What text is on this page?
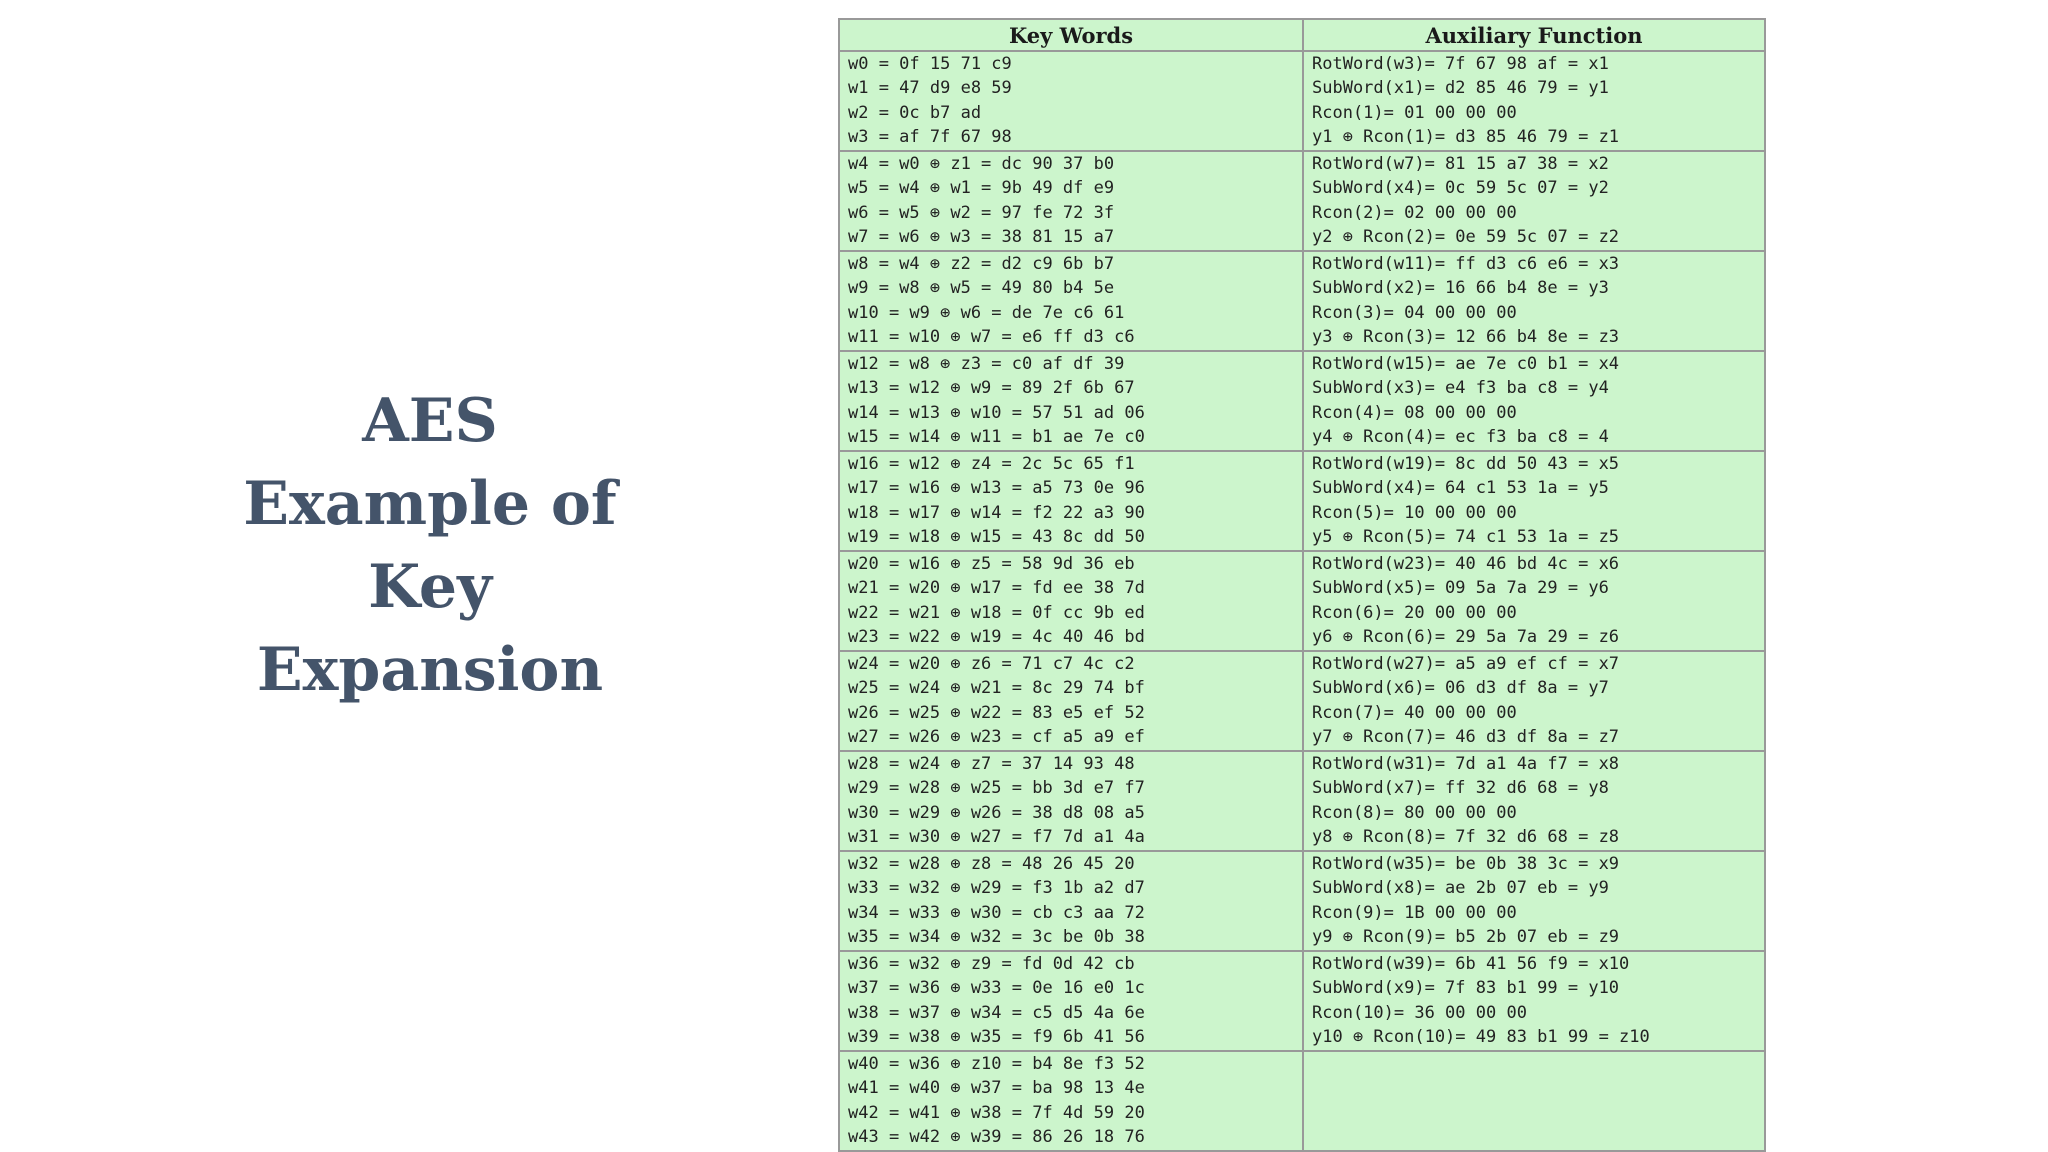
AES
Example of
Key
Expansion
Key Words	Auxiliary Function

w0 = 0f 15 71 c9
w1 = 47 d9 e8 59
w2 = 0c b7 ad
w3 = af 7f 67 98	RotWord(w3)= 7f 67 98 af = x1
SubWord(x1)= d2 85 46 79 = y1
Rcon(1)= 01 00 00 00
y1 ⊕ Rcon(1)= d3 85 46 79 = z1

w4 = w0 ⊕ z1 = dc 90 37 b0
w5 = w4 ⊕ w1 = 9b 49 df e9
w6 = w5 ⊕ w2 = 97 fe 72 3f
w7 = w6 ⊕ w3 = 38 81 15 a7	RotWord(w7)= 81 15 a7 38 = x2
SubWord(x4)= 0c 59 5c 07 = y2
Rcon(2)= 02 00 00 00
y2 ⊕ Rcon(2)= 0e 59 5c 07 = z2

w8 = w4 ⊕ z2 = d2 c9 6b b7
w9 = w8 ⊕ w5 = 49 80 b4 5e
w10 = w9 ⊕ w6 = de 7e c6 61
w11 = w10 ⊕ w7 = e6 ff d3 c6	RotWord(w11)= ff d3 c6 e6 = x3
SubWord(x2)= 16 66 b4 8e = y3
Rcon(3)= 04 00 00 00
y3 ⊕ Rcon(3)= 12 66 b4 8e = z3

w12 = w8 ⊕ z3 = c0 af df 39
w13 = w12 ⊕ w9 = 89 2f 6b 67
w14 = w13 ⊕ w10 = 57 51 ad 06
w15 = w14 ⊕ w11 = b1 ae 7e c0	RotWord(w15)= ae 7e c0 b1 = x4
SubWord(x3)= e4 f3 ba c8 = y4
Rcon(4)= 08 00 00 00
y4 ⊕ Rcon(4)= ec f3 ba c8 = 4

w16 = w12 ⊕ z4 = 2c 5c 65 f1
w17 = w16 ⊕ w13 = a5 73 0e 96
w18 = w17 ⊕ w14 = f2 22 a3 90
w19 = w18 ⊕ w15 = 43 8c dd 50	RotWord(w19)= 8c dd 50 43 = x5
SubWord(x4)= 64 c1 53 1a = y5
Rcon(5)= 10 00 00 00
y5 ⊕ Rcon(5)= 74 c1 53 1a = z5

w20 = w16 ⊕ z5 = 58 9d 36 eb
w21 = w20 ⊕ w17 = fd ee 38 7d
w22 = w21 ⊕ w18 = 0f cc 9b ed
w23 = w22 ⊕ w19 = 4c 40 46 bd	RotWord(w23)= 40 46 bd 4c = x6
SubWord(x5)= 09 5a 7a 29 = y6
Rcon(6)= 20 00 00 00
y6 ⊕ Rcon(6)= 29 5a 7a 29 = z6

w24 = w20 ⊕ z6 = 71 c7 4c c2
w25 = w24 ⊕ w21 = 8c 29 74 bf
w26 = w25 ⊕ w22 = 83 e5 ef 52
w27 = w26 ⊕ w23 = cf a5 a9 ef	RotWord(w27)= a5 a9 ef cf = x7
SubWord(x6)= 06 d3 df 8a = y7
Rcon(7)= 40 00 00 00
y7 ⊕ Rcon(7)= 46 d3 df 8a = z7

w28 = w24 ⊕ z7 = 37 14 93 48
w29 = w28 ⊕ w25 = bb 3d e7 f7
w30 = w29 ⊕ w26 = 38 d8 08 a5
w31 = w30 ⊕ w27 = f7 7d a1 4a	RotWord(w31)= 7d a1 4a f7 = x8
SubWord(x7)= ff 32 d6 68 = y8
Rcon(8)= 80 00 00 00
y8 ⊕ Rcon(8)= 7f 32 d6 68 = z8

w32 = w28 ⊕ z8 = 48 26 45 20
w33 = w32 ⊕ w29 = f3 1b a2 d7
w34 = w33 ⊕ w30 = cb c3 aa 72
w35 = w34 ⊕ w32 = 3c be 0b 38	RotWord(w35)= be 0b 38 3c = x9
SubWord(x8)= ae 2b 07 eb = y9
Rcon(9)= 1B 00 00 00
y9 ⊕ Rcon(9)= b5 2b 07 eb = z9

w36 = w32 ⊕ z9 = fd 0d 42 cb
w37 = w36 ⊕ w33 = 0e 16 e0 1c
w38 = w37 ⊕ w34 = c5 d5 4a 6e
w39 = w38 ⊕ w35 = f9 6b 41 56	RotWord(w39)= 6b 41 56 f9 = x10
SubWord(x9)= 7f 83 b1 99 = y10
Rcon(10)= 36 00 00 00
y10 ⊕ Rcon(10)= 49 83 b1 99 = z10

w40 = w36 ⊕ z10 = b4 8e f3 52
w41 = w40 ⊕ w37 = ba 98 13 4e
w42 = w41 ⊕ w38 = 7f 4d 59 20
w43 = w42 ⊕ w39 = 86 26 18 76	
